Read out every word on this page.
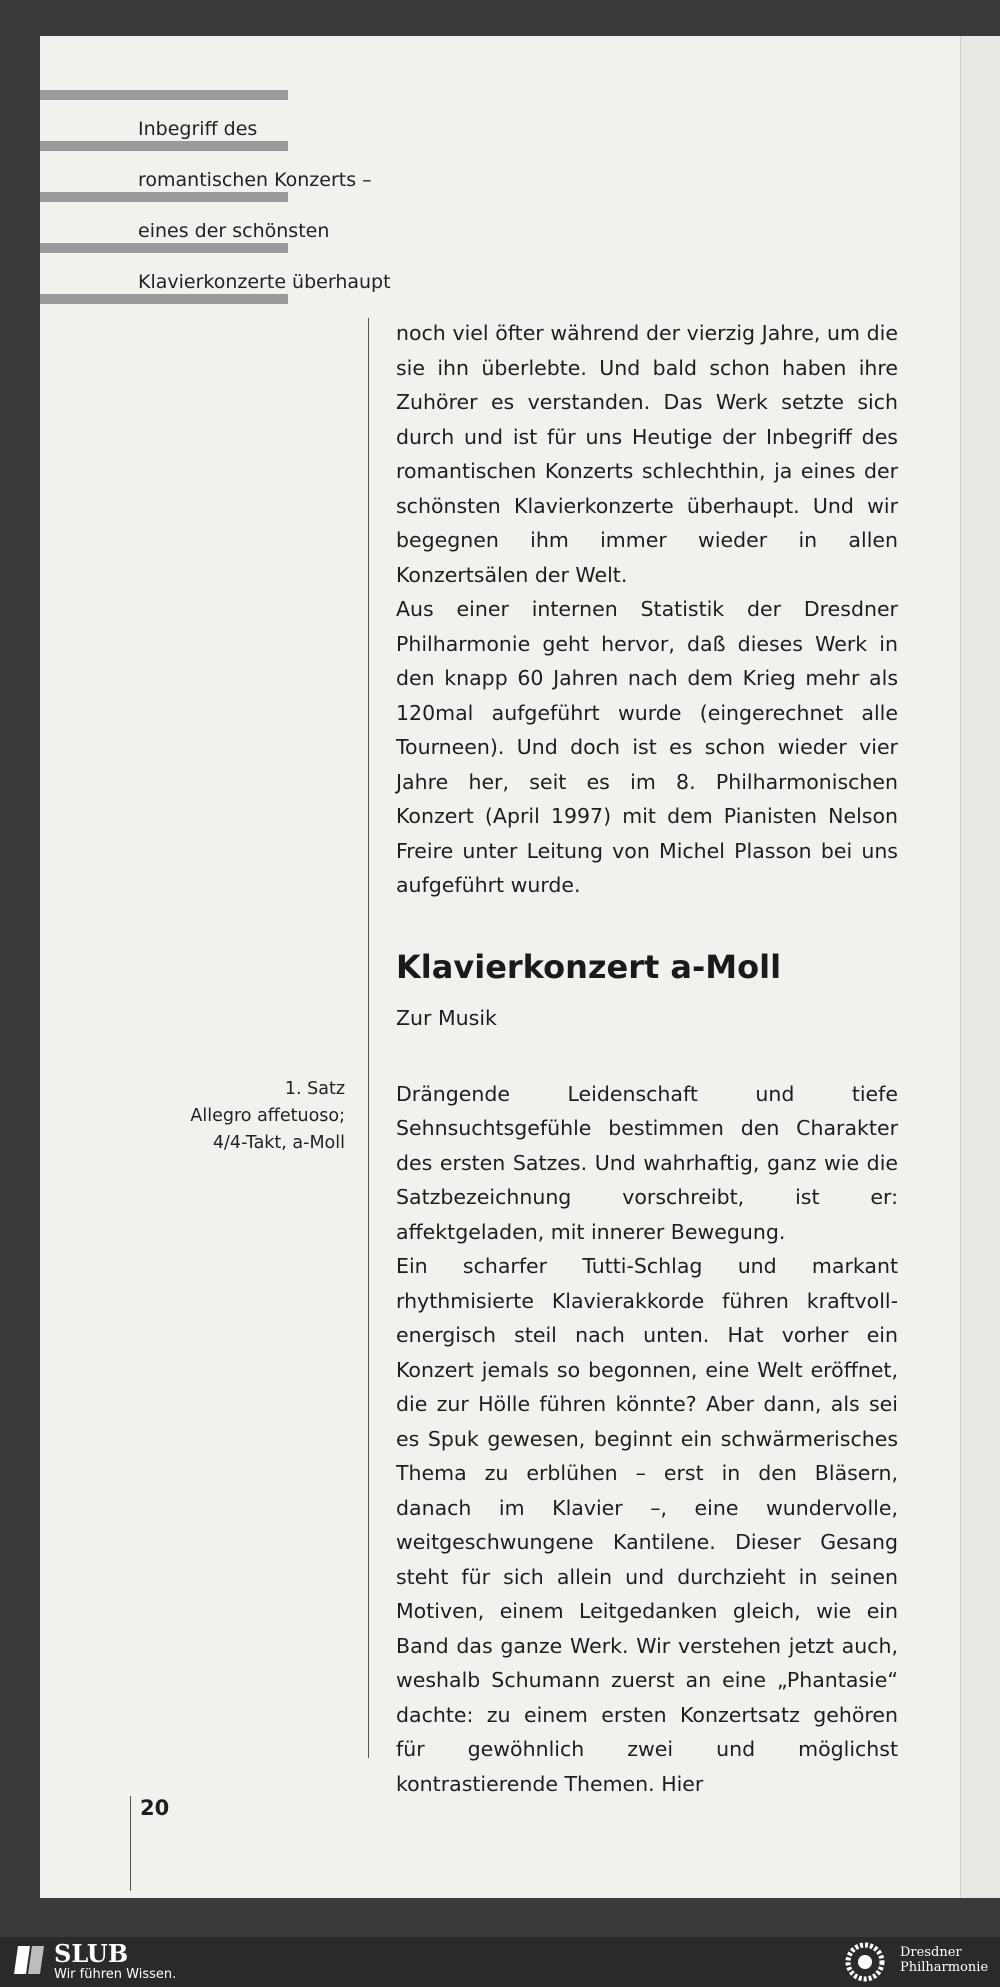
Inbegriff des
romantischen Konzerts –
eines der schönsten
Klavierkonzerte überhaupt
1. Satz
Allegro affetuoso;
4/4-Takt, a-Moll

noch viel öfter während der vierzig Jahre, um die sie ihn überlebte. Und bald schon haben ihre Zuhörer es verstanden. Das Werk setzte sich durch und ist für uns Heutige der Inbegriff des romantischen Konzerts schlechthin, ja eines der schönsten Klavierkonzerte überhaupt. Und wir begegnen ihm immer wieder in allen Konzertsälen der Welt.

Aus einer internen Statistik der Dresdner Philharmonie geht hervor, daß dieses Werk in den knapp 60 Jahren nach dem Krieg mehr als 120mal aufgeführt wurde (eingerechnet alle Tourneen). Und doch ist es schon wieder vier Jahre her, seit es im 8. Philharmonischen Konzert (April 1997) mit dem Pianisten Nelson Freire unter Leitung von Michel Plasson bei uns aufgeführt wurde.

Klavierkonzert a-Moll
Zur Musik

Drängende Leidenschaft und tiefe Sehnsuchtsgefühle bestimmen den Charakter des ersten Satzes. Und wahrhaftig, ganz wie die Satzbezeichnung vorschreibt, ist er: affektgeladen, mit innerer Bewegung.

Ein scharfer Tutti-Schlag und markant rhythmisierte Klavierakkorde führen kraftvoll-energisch steil nach unten. Hat vorher ein Konzert jemals so begonnen, eine Welt eröffnet, die zur Hölle führen könnte? Aber dann, als sei es Spuk gewesen, beginnt ein schwärmerisches Thema zu erblühen – erst in den Bläsern, danach im Klavier –, eine wundervolle, weitgeschwungene Kantilene. Dieser Gesang steht für sich allein und durchzieht in seinen Motiven, einem Leitgedanken gleich, wie ein Band das ganze Werk. Wir verstehen jetzt auch, weshalb Schumann zuerst an eine „Phantasie“ dachte: zu einem ersten Konzertsatz gehören für gewöhnlich zwei und möglichst kontrastierende Themen. Hier

20
SLUB
Wir führen Wissen.
Dresdner
Philharmonie
